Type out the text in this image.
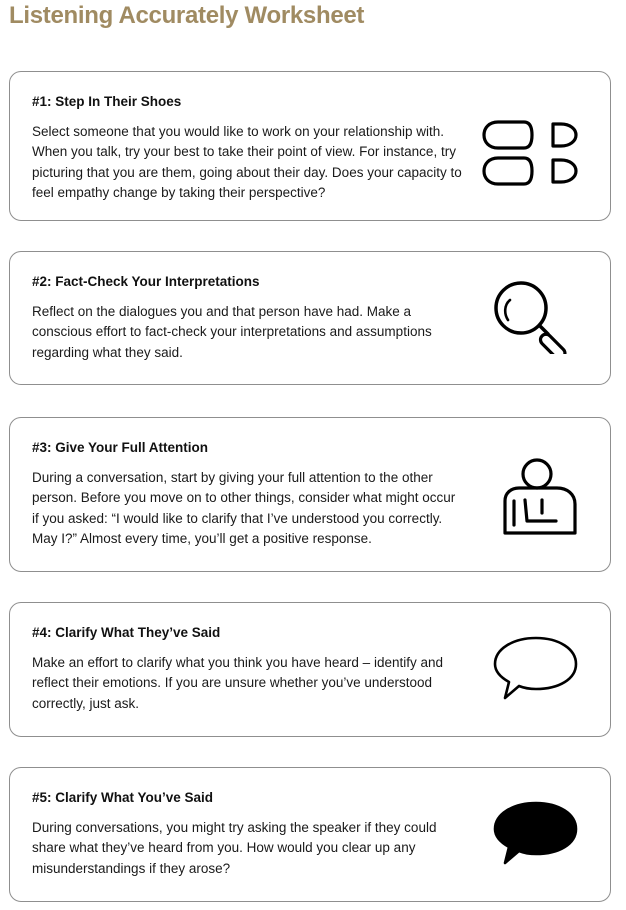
Listening Accurately Worksheet

#1: Step In Their Shoes

Select someone that you would like to work on your relationship with. When you talk, try your best to take their point of view. For instance, try picturing that you are them, going about their day. Does your capacity to feel empathy change by taking their perspective?

#2: Fact-Check Your Interpretations

Reflect on the dialogues you and that person have had. Make a conscious effort to fact-check your interpretations and assumptions regarding what they said.

#3: Give Your Full Attention

During a conversation, start by giving your full attention to the other person. Before you move on to other things, consider what might occur if you asked: “I would like to clarify that I’ve understood you correctly. May I?” Almost every time, you’ll get a positive response.

#4: Clarify What They’ve Said

Make an effort to clarify what you think you have heard – identify and reflect their emotions. If you are unsure whether you’ve understood correctly, just ask.

#5: Clarify What You’ve Said

During conversations, you might try asking the speaker if they could share what they’ve heard from you. How would you clear up any misunderstandings if they arose?
